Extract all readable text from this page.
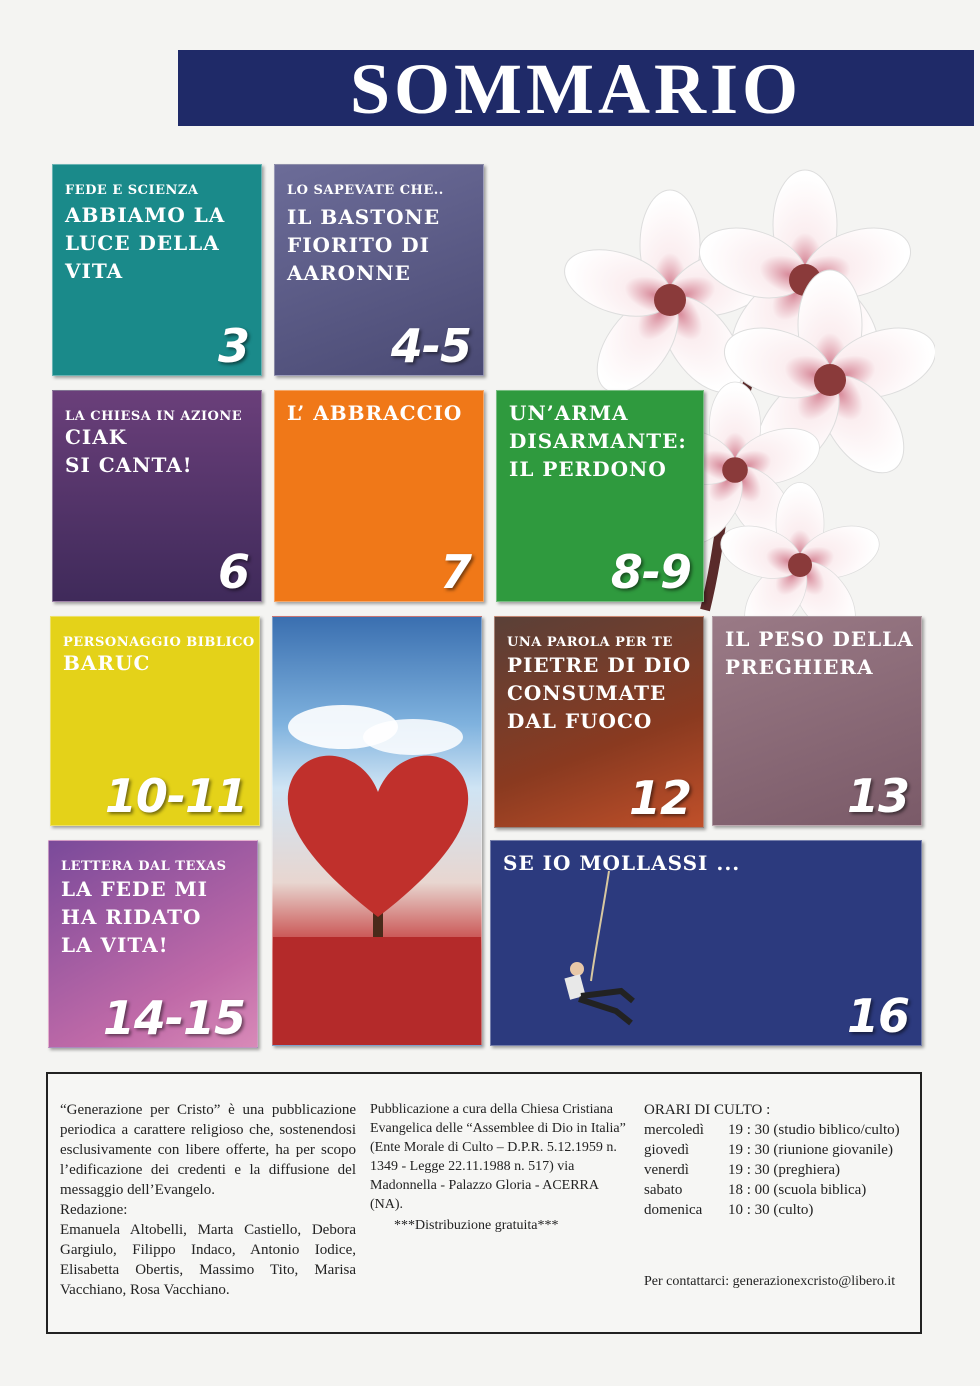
SOMMARIO
FEDE E SCIENZA
ABBIAMO LA
LUCE DELLA
VITA
3
LO SAPEVATE CHE..
IL BASTONE
FIORITO DI
AARONNE
4-5
LA CHIESA IN AZIONE
CIAK
SI CANTA!
6
L’ ABBRACCIO
7
UN’ARMA
DISARMANTE:
IL PERDONO
8-9
PERSONAGGIO BIBLICO
BARUC
10-11
UNA PAROLA PER TE
PIETRE DI DIO
CONSUMATE
DAL FUOCO
12
IL PESO DELLA
PREGHIERA
13
LETTERA DAL TEXAS
LA FEDE MI
HA RIDATO
LA VITA!
14-15
SE IO MOLLASSI ...
16
“Generazione per Cristo” è una pubblicazione periodica a carattere religioso che, sostenendosi esclusivamente con libere offerte, ha per scopo l’edificazione dei credenti e la diffusione del messaggio dell’Evangelo.
Redazione:
Emanuela Altobelli, Marta Castiello, Debora Gargiulo, Filippo Indaco, Antonio Iodice, Elisabetta Obertis, Massimo Tito, Marisa Vacchiano, Rosa Vacchiano.
Pubblicazione a cura della Chiesa Cristiana Evangelica delle “Assemblee di Dio in Italia” (Ente Morale di Culto – D.P.R. 5.12.1959 n. 1349 - Legge 22.11.1988 n. 517) via Madonnella - Palazzo Gloria - ACERRA (NA).
***Distribuzione gratuita***
ORARI DI CULTO :
mercoledì 19 : 30 (studio biblico/culto)
giovedì	19 : 30 (riunione giovanile)
venerdì	19 : 30 (preghiera)
sabato	18 : 00 (scuola biblica)
domenica 10 : 30 (culto)
Per contattarci: generazionexcristo@libero.it
